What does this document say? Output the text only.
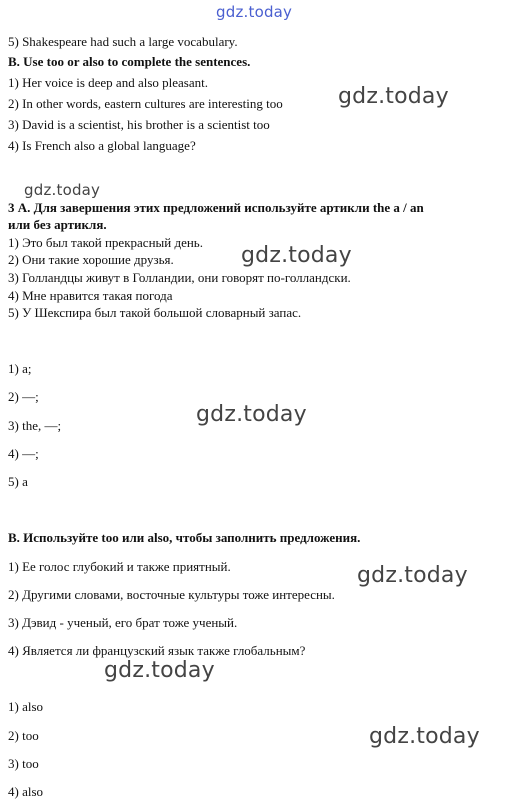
gdz.today
gdz.today
gdz.today
gdz.today
gdz.today
gdz.today
gdz.today
gdz.today
5) Shakespeare had such a large vocabulary.
B. Use too or also to complete the sentences.
1) Her voice is deep and also pleasant.
2) In other words, eastern cultures are interesting too
3) David is a scientist, his brother is a scientist too
4) Is French also a global language?
3 А. Для завершения этих предложений используйте артикли the a / an
или без артикля.
1) Это был такой прекрасный день.
2) Они такие хорошие друзья.
3) Голландцы живут в Голландии, они говорят по-голландски.
4) Мне нравится такая погода
5) У Шекспира был такой большой словарный запас.
1) a;
2) —;
3) the, —;
4) —;
5) a
B. Используйте too или also, чтобы заполнить предложения.
1) Ее голос глубокий и также приятный.
2) Другими словами, восточные культуры тоже интересны.
3) Дэвид - ученый, его брат тоже ученый.
4) Является ли французский язык также глобальным?
1) also
2) too
3) too
4) also
